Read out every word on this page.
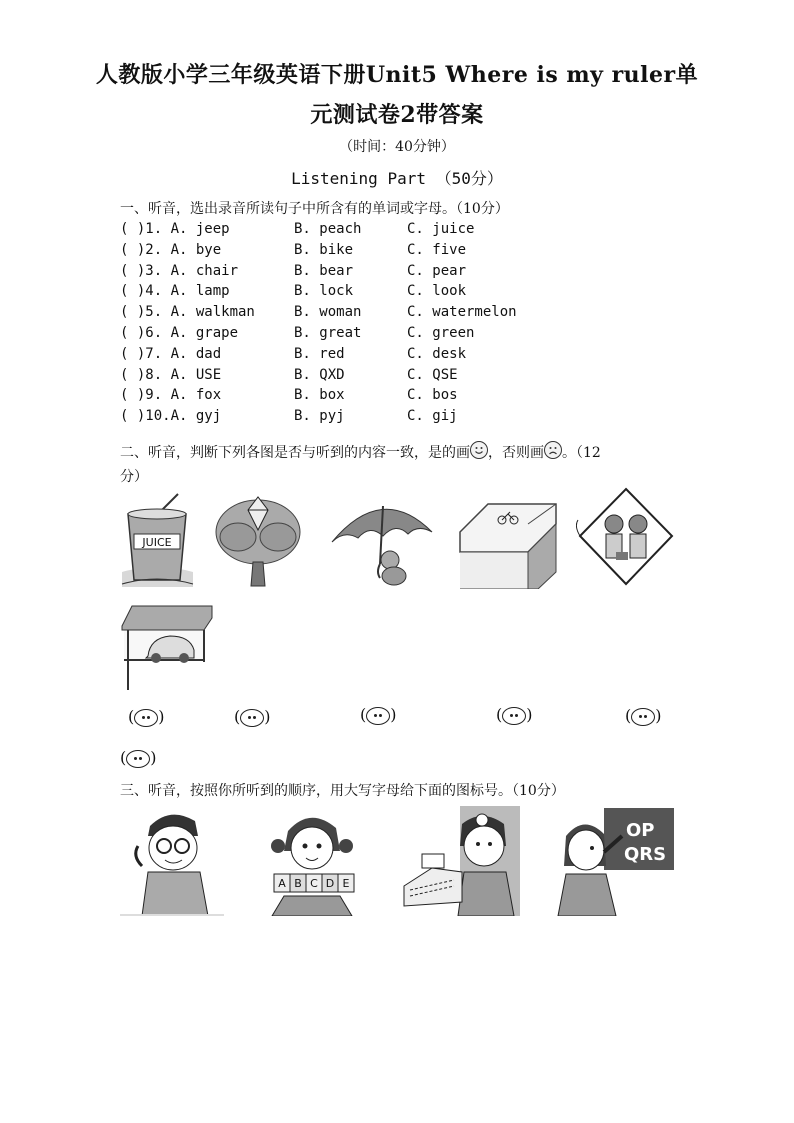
人教版小学三年级英语下册Unit5 Where is my ruler单
元测试卷2带答案
（时间：40分钟）
Listening Part （50分）
一、听音，选出录音所读句子中所含有的单词或字母。（10分）
( )1. A. jeep	B. peach	C. juice
( )2. A. bye	B. bike	C. five
( )3. A. chair	B. bear	C. pear
( )4. A. lamp	B. lock	C. look
( )5. A. walkman	B. woman	C. watermelon
( )6. A. grape	B. great	C. green
( )7. A. dad	B. red	C. desk
( )8. A. USE	B. QXD	C. QSE
( )9. A. fox	B. box	C. bos
( )10.A. gyj	B. pyj	C. gij
二、听音，判断下列各图是否与听到的内容一致，是的画 ，否则画 。（12
分）
JUICE
( )	( )	( )	( )	( )
( )
三、听音，按照你所听到的顺序，用大写字母给下面的图标号。（10分）
A B C D E
OP
QRS
